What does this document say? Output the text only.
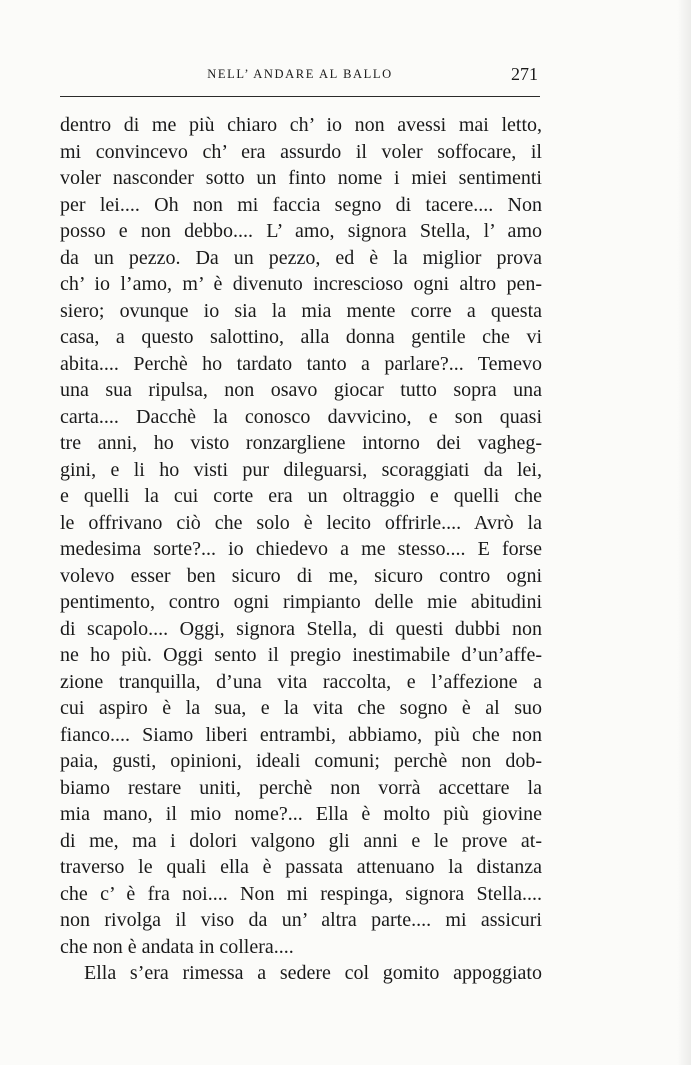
NELL’ ANDARE AL BALLO	271
dentro di me più chiaro ch’ io non avessi mai letto,
mi convincevo ch’ era assurdo il voler soffocare, il
voler nasconder sotto un finto nome i miei sentimenti
per lei.... Oh non mi faccia segno di tacere.... Non
posso e non debbo.... L’ amo, signora Stella, l’ amo
da un pezzo. Da un pezzo, ed è la miglior prova
ch’ io l’amo, m’ è divenuto increscioso ogni altro pen-
siero; ovunque io sia la mia mente corre a questa
casa, a questo salottino, alla donna gentile che vi
abita.... Perchè ho tardato tanto a parlare?... Temevo
una sua ripulsa, non osavo giocar tutto sopra una
carta.... Dacchè la conosco davvicino, e son quasi
tre anni, ho visto ronzargliene intorno dei vagheg-
gini, e li ho visti pur dileguarsi, scoraggiati da lei,
e quelli la cui corte era un oltraggio e quelli che
le offrivano ciò che solo è lecito offrirle.... Avrò la
medesima sorte?... io chiedevo a me stesso.... E forse
volevo esser ben sicuro di me, sicuro contro ogni
pentimento, contro ogni rimpianto delle mie abitudini
di scapolo.... Oggi, signora Stella, di questi dubbi non
ne ho più. Oggi sento il pregio inestimabile d’un’affe-
zione tranquilla, d’una vita raccolta, e l’affezione a
cui aspiro è la sua, e la vita che sogno è al suo
fianco.... Siamo liberi entrambi, abbiamo, più che non
paia, gusti, opinioni, ideali comuni; perchè non dob-
biamo restare uniti, perchè non vorrà accettare la
mia mano, il mio nome?... Ella è molto più giovine
di me, ma i dolori valgono gli anni e le prove at-
traverso le quali ella è passata attenuano la distanza
che c’ è fra noi.... Non mi respinga, signora Stella....
non rivolga il viso da un’ altra parte.... mi assicuri
che non è andata in collera....
Ella s’era rimessa a sedere col gomito appoggiato
